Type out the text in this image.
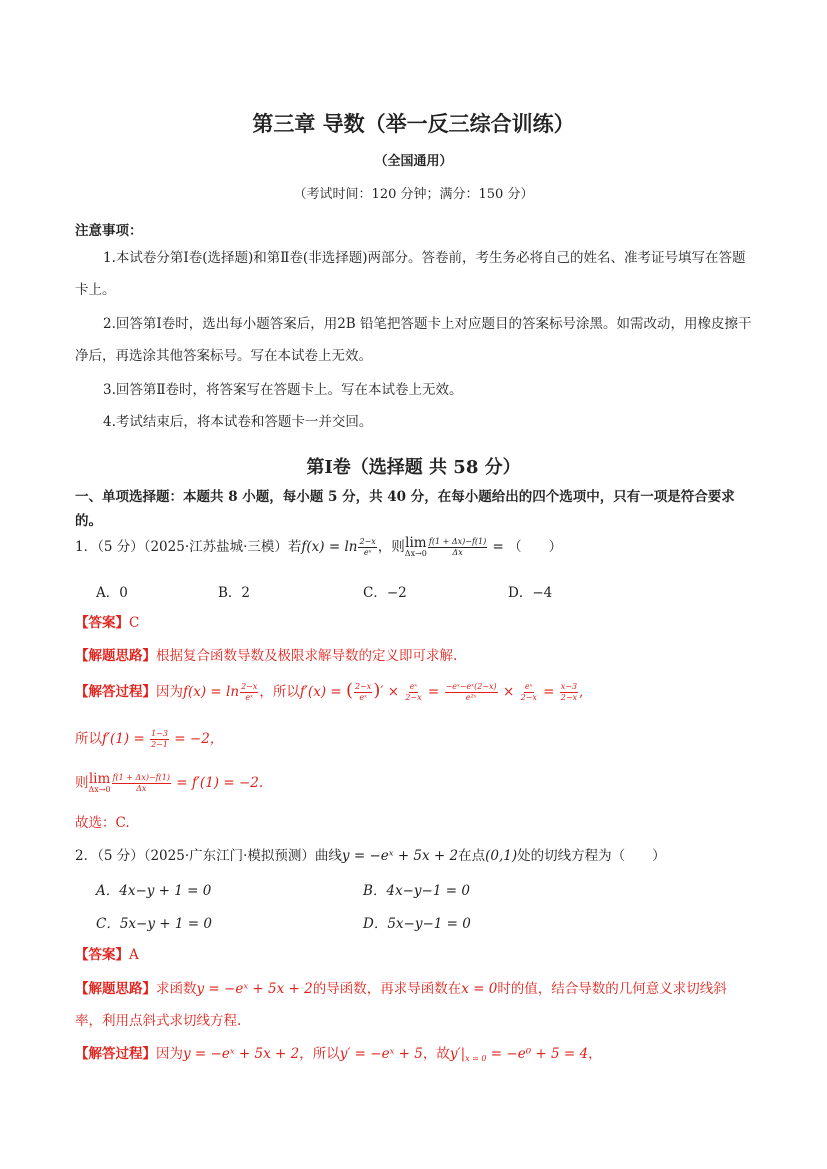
第三章 导数（举一反三综合训练）
（全国通用）
（考试时间：120 分钟；满分：150 分）
注意事项：
1.本试卷分第Ⅰ卷(选择题)和第Ⅱ卷(非选择题)两部分。答卷前，考生务必将自己的姓名、准考证号填写在答题卡上。
2.回答第Ⅰ卷时，选出每小题答案后，用2B 铅笔把答题卡上对应题目的答案标号涂黑。如需改动，用橡皮擦干净后，再选涂其他答案标号。写在本试卷上无效。
3.回答第Ⅱ卷时，将答案写在答题卡上。写在本试卷上无效。
4.考试结束后，将本试卷和答题卡一并交回。
第Ⅰ卷（选择题 共 58 分）
一、单项选择题：本题共 8 小题，每小题 5 分，共 40 分，在每小题给出的四个选项中，只有一项是符合要求的。
1．（5 分）（2025·江苏盐城·三模）若$f(x) = \ln \frac{2-x}{\text{eˣ}}$ ，则 lim
$\Delta x\to 0 \frac{f(1 + \Delta x)-f(1)}{\Delta x}$ = （　　）
A．0	B．2	C．−2	D．−4
【答案】C
【解题思路】根据复合函数导数及极限求解导数的定义即可求解.
【解答过程】因为$f(x) = \ln \frac{2-x}{\text{eˣ}}$ ，所以f′(x) = ( $\frac{2-x}{\text{eˣ}}$ )′ × $\frac{\text{eˣ}}{2-x} = \frac{\text{−eˣ−eˣ(2−x)}}{\text{e²ˣ}} \times \frac{\text{eˣ}}{2-x} = \frac{x-3}{2-x}$ ,
所以$f'(1) = \frac{1-3}{2-1} = -2$，
则 lim
$\Delta x\to 0 \frac{f(1 + \Delta x)-f(1)}{\Delta x} = f'(1) = -2$.
故选：C.
2．（5 分）（2025·广东江门·模拟预测）曲线y = −eˣ + 5x + 2在点(0,1)处的切线方程为（　　）
A．4x−y + 1 = 0	B．4x−y−1 = 0
C．5x−y + 1 = 0	D．5x−y−1 = 0
【答案】A
【解题思路】求函数y = −eˣ + 5x + 2的导函数，再求导函数在x = 0时的值，结合导数的几何意义求切线斜
率，利用点斜式求切线方程.
【解答过程】因为y = −eˣ + 5x + 2，所以y′ = −eˣ + 5，故$y'|_{x = 0} = -e^0 + 5 = 4$，
